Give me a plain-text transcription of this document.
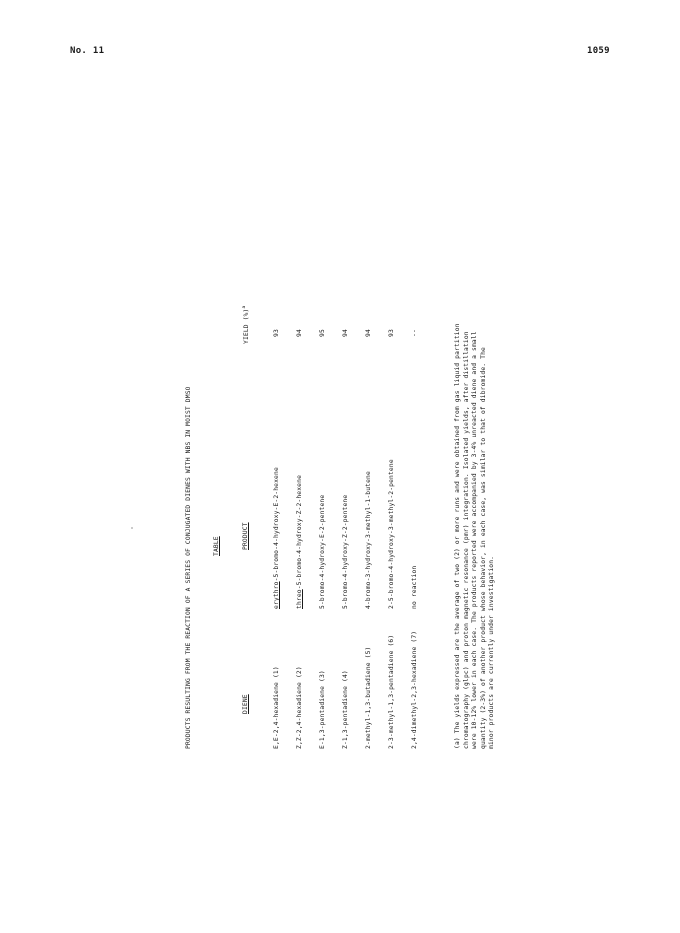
No. 11	1059
PRODUCTS RESULTING FROM THE REACTION OF A SERIES OF CONJUGATED DIENES WITH NBS IN MOIST DMSO	TABLE
DIENE
PRODUCT
YIELD (%)$^a$
E,E-2,4-hexadiene (1)
erythro-5-bromo-4-hydroxy-E-2-hexene
93
Z,Z-2,4-hexadiene (2)
threo-5-bromo-4-hydroxy-Z-2-hexene
94
E-1,3-pentadiene (3)
5-bromo-4-hydroxy-E-2-pentene
95
Z-1,3-pentadiene (4)
5-bromo-4-hydroxy-Z-2-pentene
94
2-methyl-1,3-butadiene (5)
4-bromo-3-hydroxy-3-methyl-1-butene
94
2-3-methyl-1,3-pentadiene (6)
2-5-bromo-4-hydroxy-3-methyl-2-pentene
93
2,4-dimethyl-2,3-hexadiene (7)
no reaction
--
(a) The yields expressed are the average of two (2) or more runs and were obtained from gas liquid partition
chromatography (glpc) and proton magnetic resonance (pmr) integration. Isolated yields, after distillation
were 10-12% lower in each case. The products reported were accompanied by 3-4% unreacted diene and a small
quantity (2-3%) of another product whose behavior, in each case, was similar to that of dibromide. The
minor products are currently under investigation.
